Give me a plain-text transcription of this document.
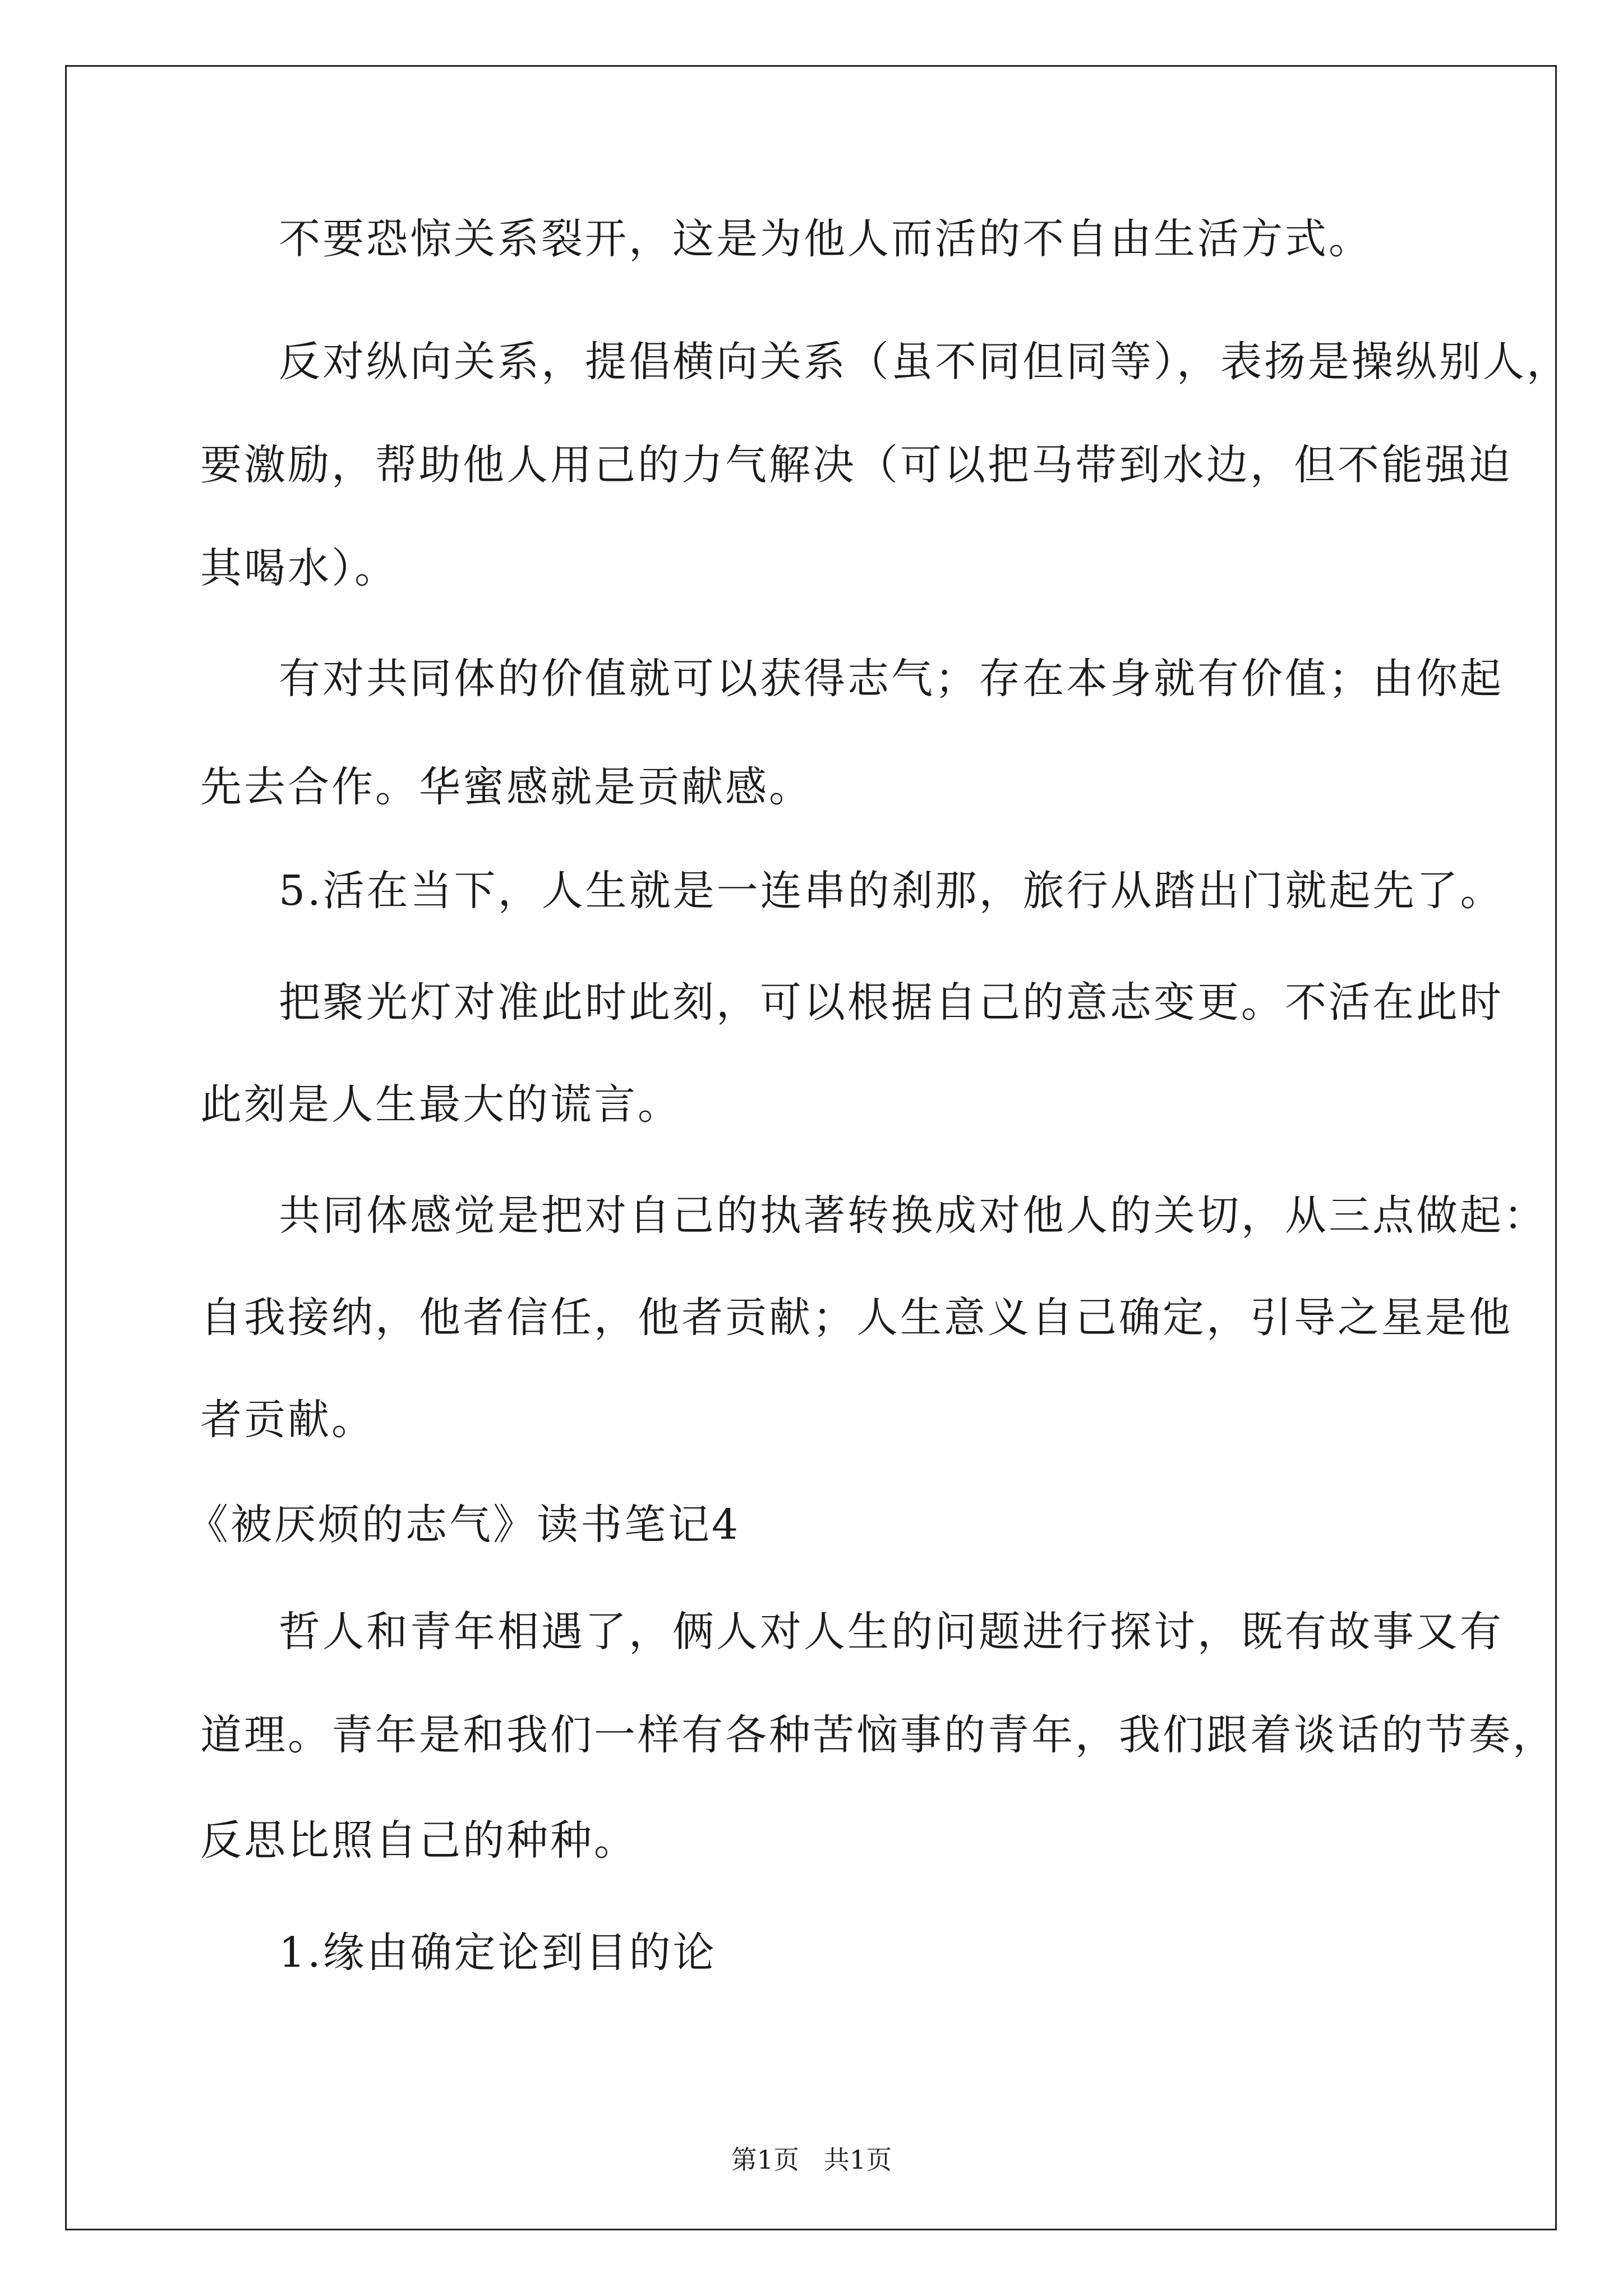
不要恐惊关系裂开，这是为他人而活的不自由生活方式。
反对纵向关系，提倡横向关系（虽不同但同等），表扬是操纵别人，
要激励，帮助他人用己的力气解决（可以把马带到水边，但不能强迫
其喝水）。
有对共同体的价值就可以获得志气；存在本身就有价值；由你起
先去合作。华蜜感就是贡献感。
5.活在当下，人生就是一连串的刹那，旅行从踏出门就起先了。
把聚光灯对准此时此刻，可以根据自己的意志变更。不活在此时
此刻是人生最大的谎言。
共同体感觉是把对自己的执著转换成对他人的关切，从三点做起：
自我接纳，他者信任，他者贡献；人生意义自己确定，引导之星是他
者贡献。
《被厌烦的志气》读书笔记4
哲人和青年相遇了，俩人对人生的问题进行探讨，既有故事又有
道理。青年是和我们一样有各种苦恼事的青年，我们跟着谈话的节奏，
反思比照自己的种种。
1.缘由确定论到目的论
第1页   共1页
